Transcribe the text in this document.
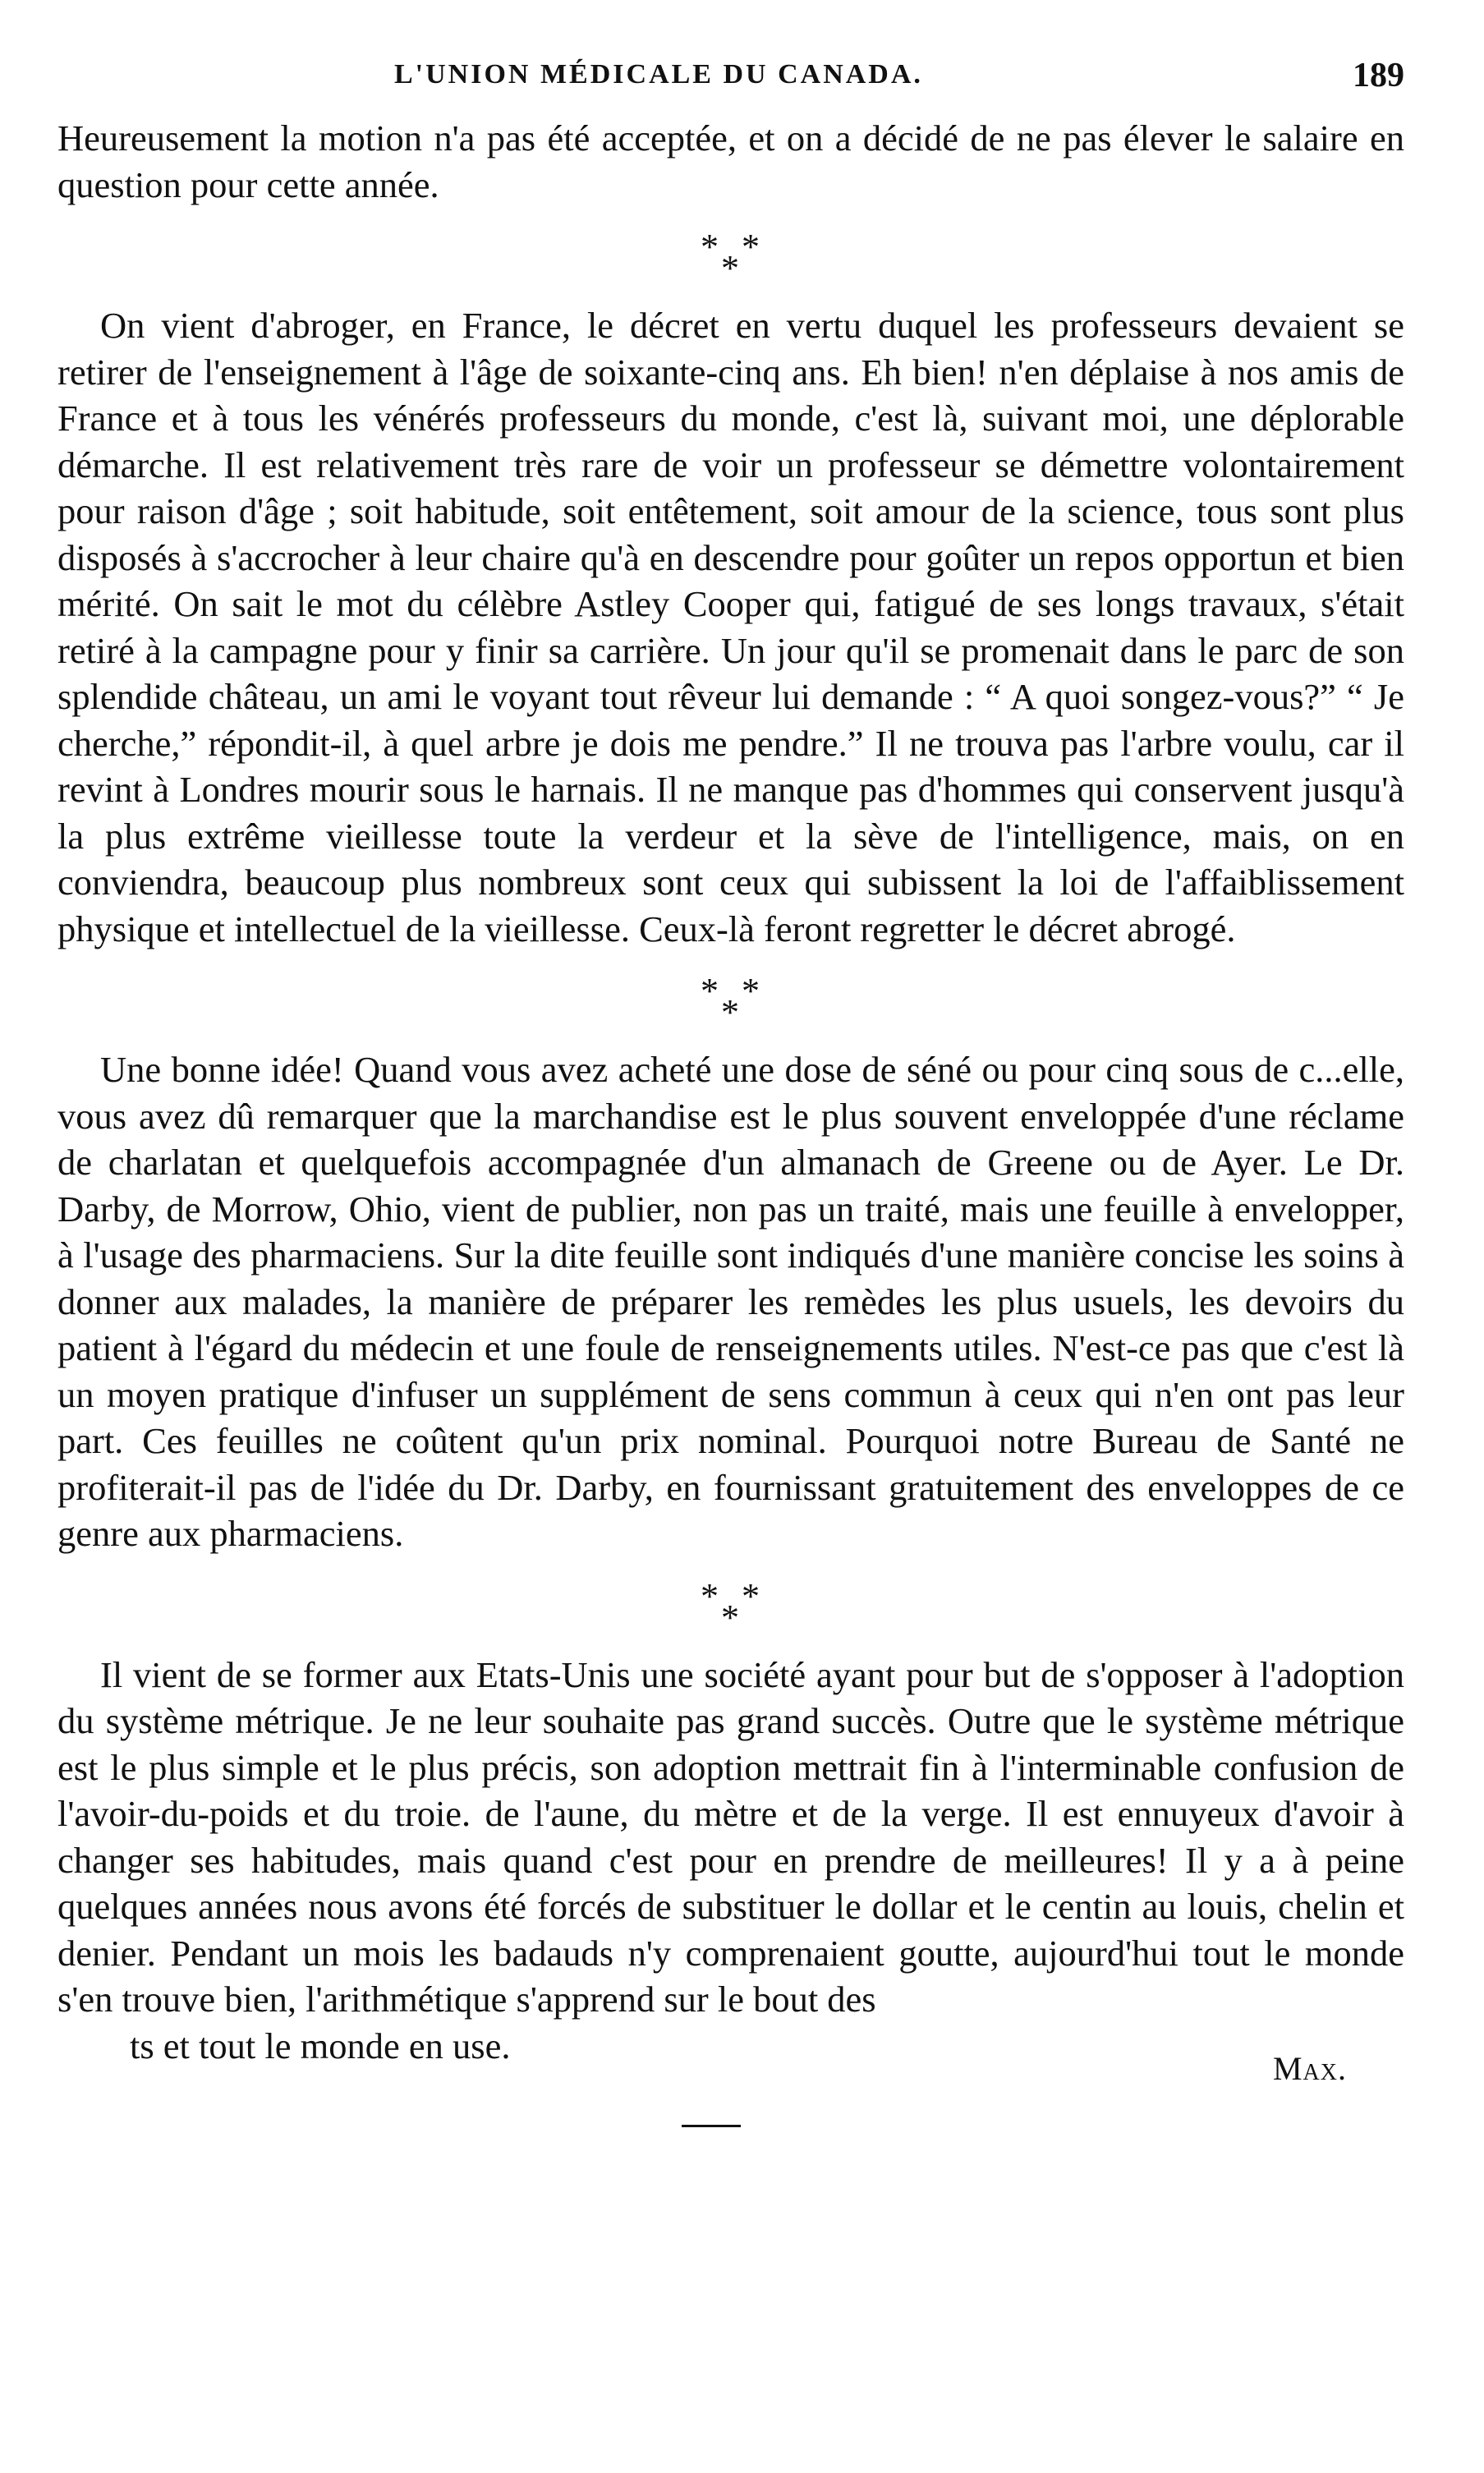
L'UNION MÉDICALE DU CANADA.	189

Heureusement la motion n'a pas été acceptée, et on a décidé de ne pas élever le salaire en question pour cette année.

* *
*

On vient d'abroger, en France, le décret en vertu duquel les professeurs devaient se retirer de l'enseignement à l'âge de soixante-cinq ans. Eh bien! n'en déplaise à nos amis de France et à tous les vénérés professeurs du monde, c'est là, suivant moi, une déplorable démarche. Il est relativement très rare de voir un professeur se démettre volontairement pour raison d'âge ; soit habitude, soit entêtement, soit amour de la science, tous sont plus disposés à s'accrocher à leur chaire qu'à en descendre pour goûter un repos opportun et bien mérité. On sait le mot du célèbre Astley Cooper qui, fatigué de ses longs travaux, s'était retiré à la campagne pour y finir sa carrière. Un jour qu'il se promenait dans le parc de son splendide château, un ami le voyant tout rêveur lui demande : “ A quoi songez-vous?” “ Je cherche,” répondit-il, à quel arbre je dois me pendre.” Il ne trouva pas l'arbre voulu, car il revint à Londres mourir sous le harnais. Il ne manque pas d'hommes qui conservent jusqu'à la plus extrême vieillesse toute la verdeur et la sève de l'intelligence, mais, on en conviendra, beaucoup plus nombreux sont ceux qui subissent la loi de l'affaiblissement physique et intellectuel de la vieillesse. Ceux-là feront regretter le décret abrogé.

* *
*

Une bonne idée! Quand vous avez acheté une dose de séné ou pour cinq sous de c...elle, vous avez dû remarquer que la marchandise est le plus souvent enveloppée d'une réclame de charlatan et quelquefois accompagnée d'un almanach de Greene ou de Ayer. Le Dr. Darby, de Morrow, Ohio, vient de publier, non pas un traité, mais une feuille à envelopper, à l'usage des pharmaciens. Sur la dite feuille sont indiqués d'une manière concise les soins à donner aux malades, la manière de préparer les remèdes les plus usuels, les devoirs du patient à l'égard du médecin et une foule de renseignements utiles. N'est-ce pas que c'est là un moyen pratique d'infuser un supplément de sens commun à ceux qui n'en ont pas leur part. Ces feuilles ne coûtent qu'un prix nominal. Pourquoi notre Bureau de Santé ne profiterait-il pas de l'idée du Dr. Darby, en fournissant gratuitement des enveloppes de ce genre aux pharmaciens.

* *
*

Il vient de se former aux Etats-Unis une société ayant pour but de s'opposer à l'adoption du système métrique. Je ne leur souhaite pas grand succès. Outre que le système métrique est le plus simple et le plus précis, son adoption mettrait fin à l'interminable confusion de l'avoir-du-poids et du troie. de l'aune, du mètre et de la verge. Il est ennuyeux d'avoir à changer ses habitudes, mais quand c'est pour en prendre de meilleures! Il y a à peine quelques années nous avons été forcés de substituer le dollar et le centin au louis, chelin et denier. Pendant un mois les badauds n'y comprenaient goutte, aujourd'hui tout le monde s'en trouve bien, l'arithmétique s'apprend sur le bout des

ts et tout le monde en use.
Max.
